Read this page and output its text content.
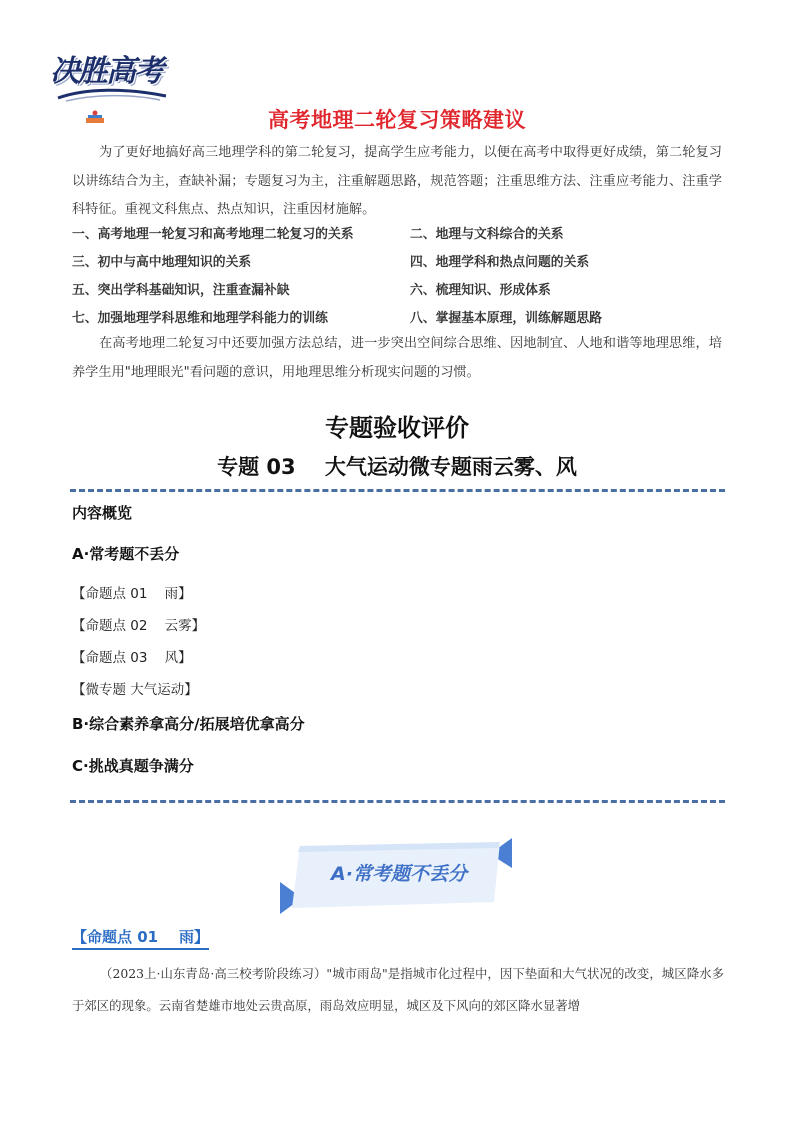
决胜高考
高考地理二轮复习策略建议
为了更好地搞好高三地理学科的第二轮复习，提高学生应考能力，以便在高考中取得更好成绩，第二轮复习以讲练结合为主，查缺补漏；专题复习为主，注重解题思路，规范答题；注重思维方法、注重应考能力、注重学科特征。重视文科焦点、热点知识，注重因材施解。
一、高考地理一轮复习和高考地理二轮复习的关系	二、地理与文科综合的关系
三、初中与高中地理知识的关系	四、地理学科和热点问题的关系
五、突出学科基础知识，注重查漏补缺	六、梳理知识、形成体系
七、加强地理学科思维和地理学科能力的训练	八、掌握基本原理，训练解题思路
在高考地理二轮复习中还要加强方法总结，进一步突出空间综合思维、因地制宜、人地和谐等地理思维，培养学生用"地理眼光"看问题的意识，用地理思维分析现实问题的习惯。
专题验收评价
专题 03    大气运动微专题雨云雾、风
内容概览
A·常考题不丢分
【命题点 01    雨】
【命题点 02    云雾】
【命题点 03    风】
【微专题 大气运动】
B·综合素养拿高分/拓展培优拿高分
C·挑战真题争满分
A·常考题不丢分
【命题点 01    雨】
（2023上·山东青岛·高三校考阶段练习）"城市雨岛"是指城市化过程中，因下垫面和大气状况的改变，城区降水多于郊区的现象。云南省楚雄市地处云贵高原，雨岛效应明显，城区及下风向的郊区降水显著增
